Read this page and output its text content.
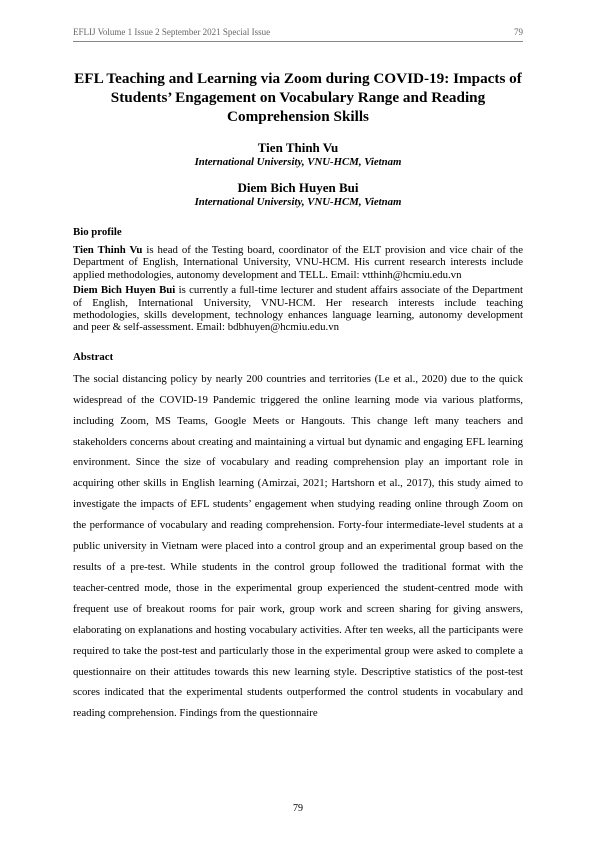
EFLIJ Volume 1 Issue 2 September 2021 Special Issue	79
EFL Teaching and Learning via Zoom during COVID-19: Impacts of Students’ Engagement on Vocabulary Range and Reading Comprehension Skills
Tien Thinh Vu
International University, VNU-HCM, Vietnam
Diem Bich Huyen Bui
International University, VNU-HCM, Vietnam
Bio profile

Tien Thinh Vu is head of the Testing board, coordinator of the ELT provision and vice chair of the Department of English, International University, VNU-HCM. His current research interests include applied methodologies, autonomy development and TELL. Email: vtthinh@hcmiu.edu.vn

Diem Bich Huyen Bui is currently a full-time lecturer and student affairs associate of the Department of English, International University, VNU-HCM. Her research interests include teaching methodologies, skills development, technology enhances language learning, autonomy development and peer & self-assessment. Email: bdbhuyen@hcmiu.edu.vn

Abstract

The social distancing policy by nearly 200 countries and territories (Le et al., 2020) due to the quick widespread of the COVID-19 Pandemic triggered the online learning mode via various platforms, including Zoom, MS Teams, Google Meets or Hangouts. This change left many teachers and stakeholders concerns about creating and maintaining a virtual but dynamic and engaging EFL learning environment. Since the size of vocabulary and reading comprehension play an important role in acquiring other skills in English learning (Amirzai, 2021; Hartshorn et al., 2017), this study aimed to investigate the impacts of EFL students’ engagement when studying reading online through Zoom on the performance of vocabulary and reading comprehension. Forty-four intermediate-level students at a public university in Vietnam were placed into a control group and an experimental group based on the results of a pre-test. While students in the control group followed the traditional format with the teacher-centred mode, those in the experimental group experienced the student-centred mode with frequent use of breakout rooms for pair work, group work and screen sharing for giving answers, elaborating on explanations and hosting vocabulary activities. After ten weeks, all the participants were required to take the post-test and particularly those in the experimental group were asked to complete a questionnaire on their attitudes towards this new learning style. Descriptive statistics of the post-test scores indicated that the experimental students outperformed the control students in vocabulary and reading comprehension. Findings from the questionnaire

79
